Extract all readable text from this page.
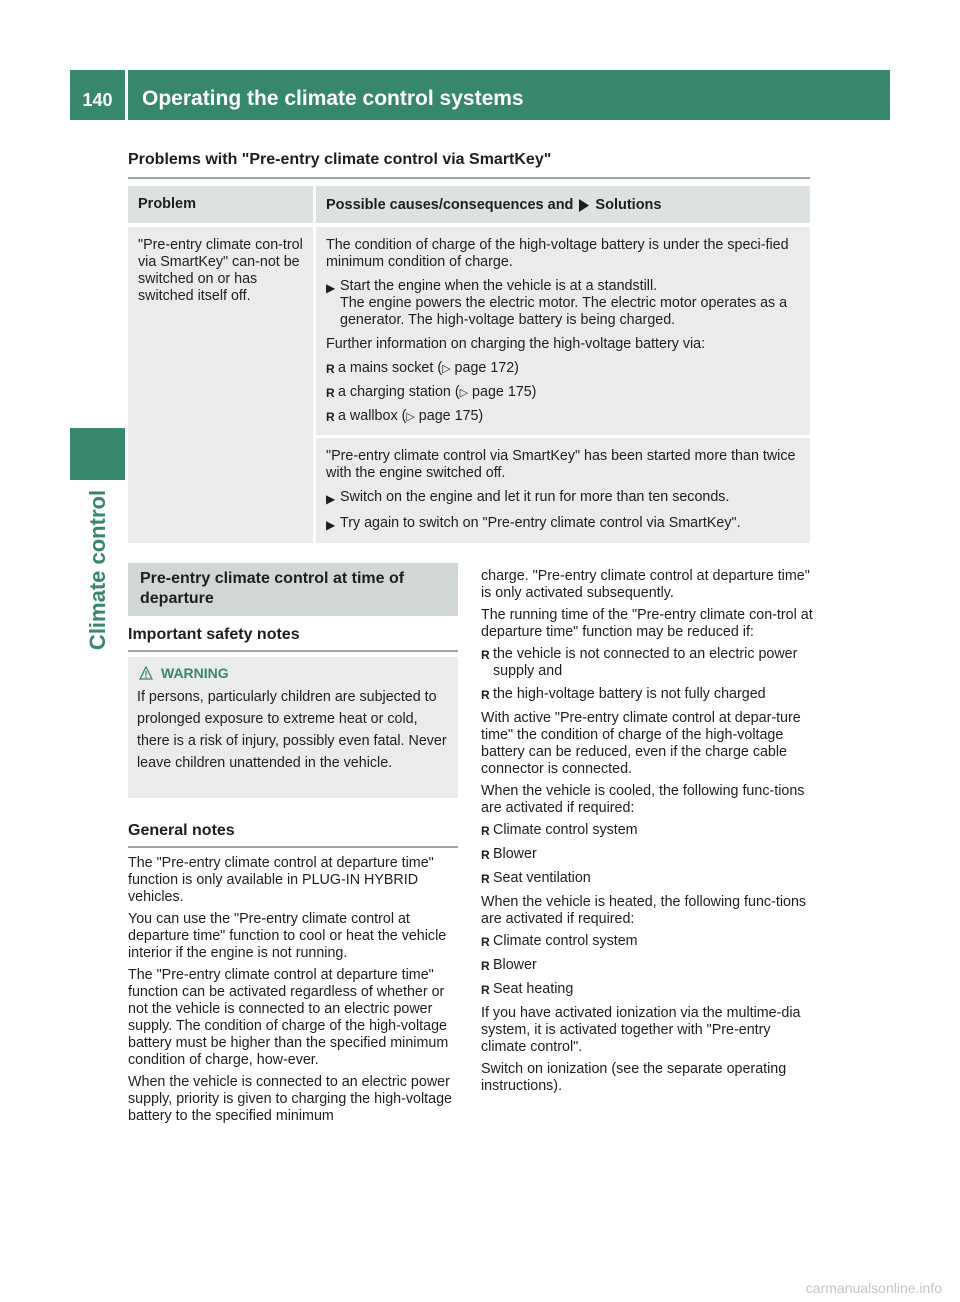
140	Operating the climate control systems
Climate control
Problems with "Pre-entry climate control via SmartKey"
Problem	Possible causes/consequences and Solutions
"Pre-entry climate con-trol via SmartKey" can-not be switched on or has switched itself off.

The condition of charge of the high-voltage battery is under the speci-fied minimum condition of charge.

▶ Start the engine when the vehicle is at a standstill.
The engine powers the electric motor. The electric motor operates as a generator. The high-voltage battery is being charged.

Further information on charging the high-voltage battery via:

R a mains socket (▷ page 172)
R a charging station (▷ page 175)
R a wallbox (▷ page 175)

"Pre-entry climate control via SmartKey" has been started more than twice with the engine switched off.

▶ Switch on the engine and let it run for more than ten seconds.
▶ Try again to switch on "Pre-entry climate control via SmartKey".
Pre-entry climate control at time of departure
Important safety notes
WARNING
If persons, particularly children are subjected to prolonged exposure to extreme heat or cold, there is a risk of injury, possibly even fatal. Never leave children unattended in the vehicle.
General notes

The "Pre-entry climate control at departure time" function is only available in PLUG-IN HYBRID vehicles.

You can use the "Pre-entry climate control at departure time" function to cool or heat the vehicle interior if the engine is not running.

The "Pre-entry climate control at departure time" function can be activated regardless of whether or not the vehicle is connected to an electric power supply. The condition of charge of the high-voltage battery must be higher than the specified minimum condition of charge, how-ever.

When the vehicle is connected to an electric power supply, priority is given to charging the high-voltage battery to the specified minimum

charge. "Pre-entry climate control at departure time" is only activated subsequently.

The running time of the "Pre-entry climate con-trol at departure time" function may be reduced if:

R the vehicle is not connected to an electric power supply and
R the high-voltage battery is not fully charged

With active "Pre-entry climate control at depar-ture time" the condition of charge of the high-voltage battery can be reduced, even if the charge cable connector is connected.

When the vehicle is cooled, the following func-tions are activated if required:

R Climate control system
R Blower
R Seat ventilation

When the vehicle is heated, the following func-tions are activated if required:

R Climate control system
R Blower
R Seat heating

If you have activated ionization via the multime-dia system, it is activated together with "Pre-entry climate control".

Switch on ionization (see the separate operating instructions).

carmanualsonline.info
